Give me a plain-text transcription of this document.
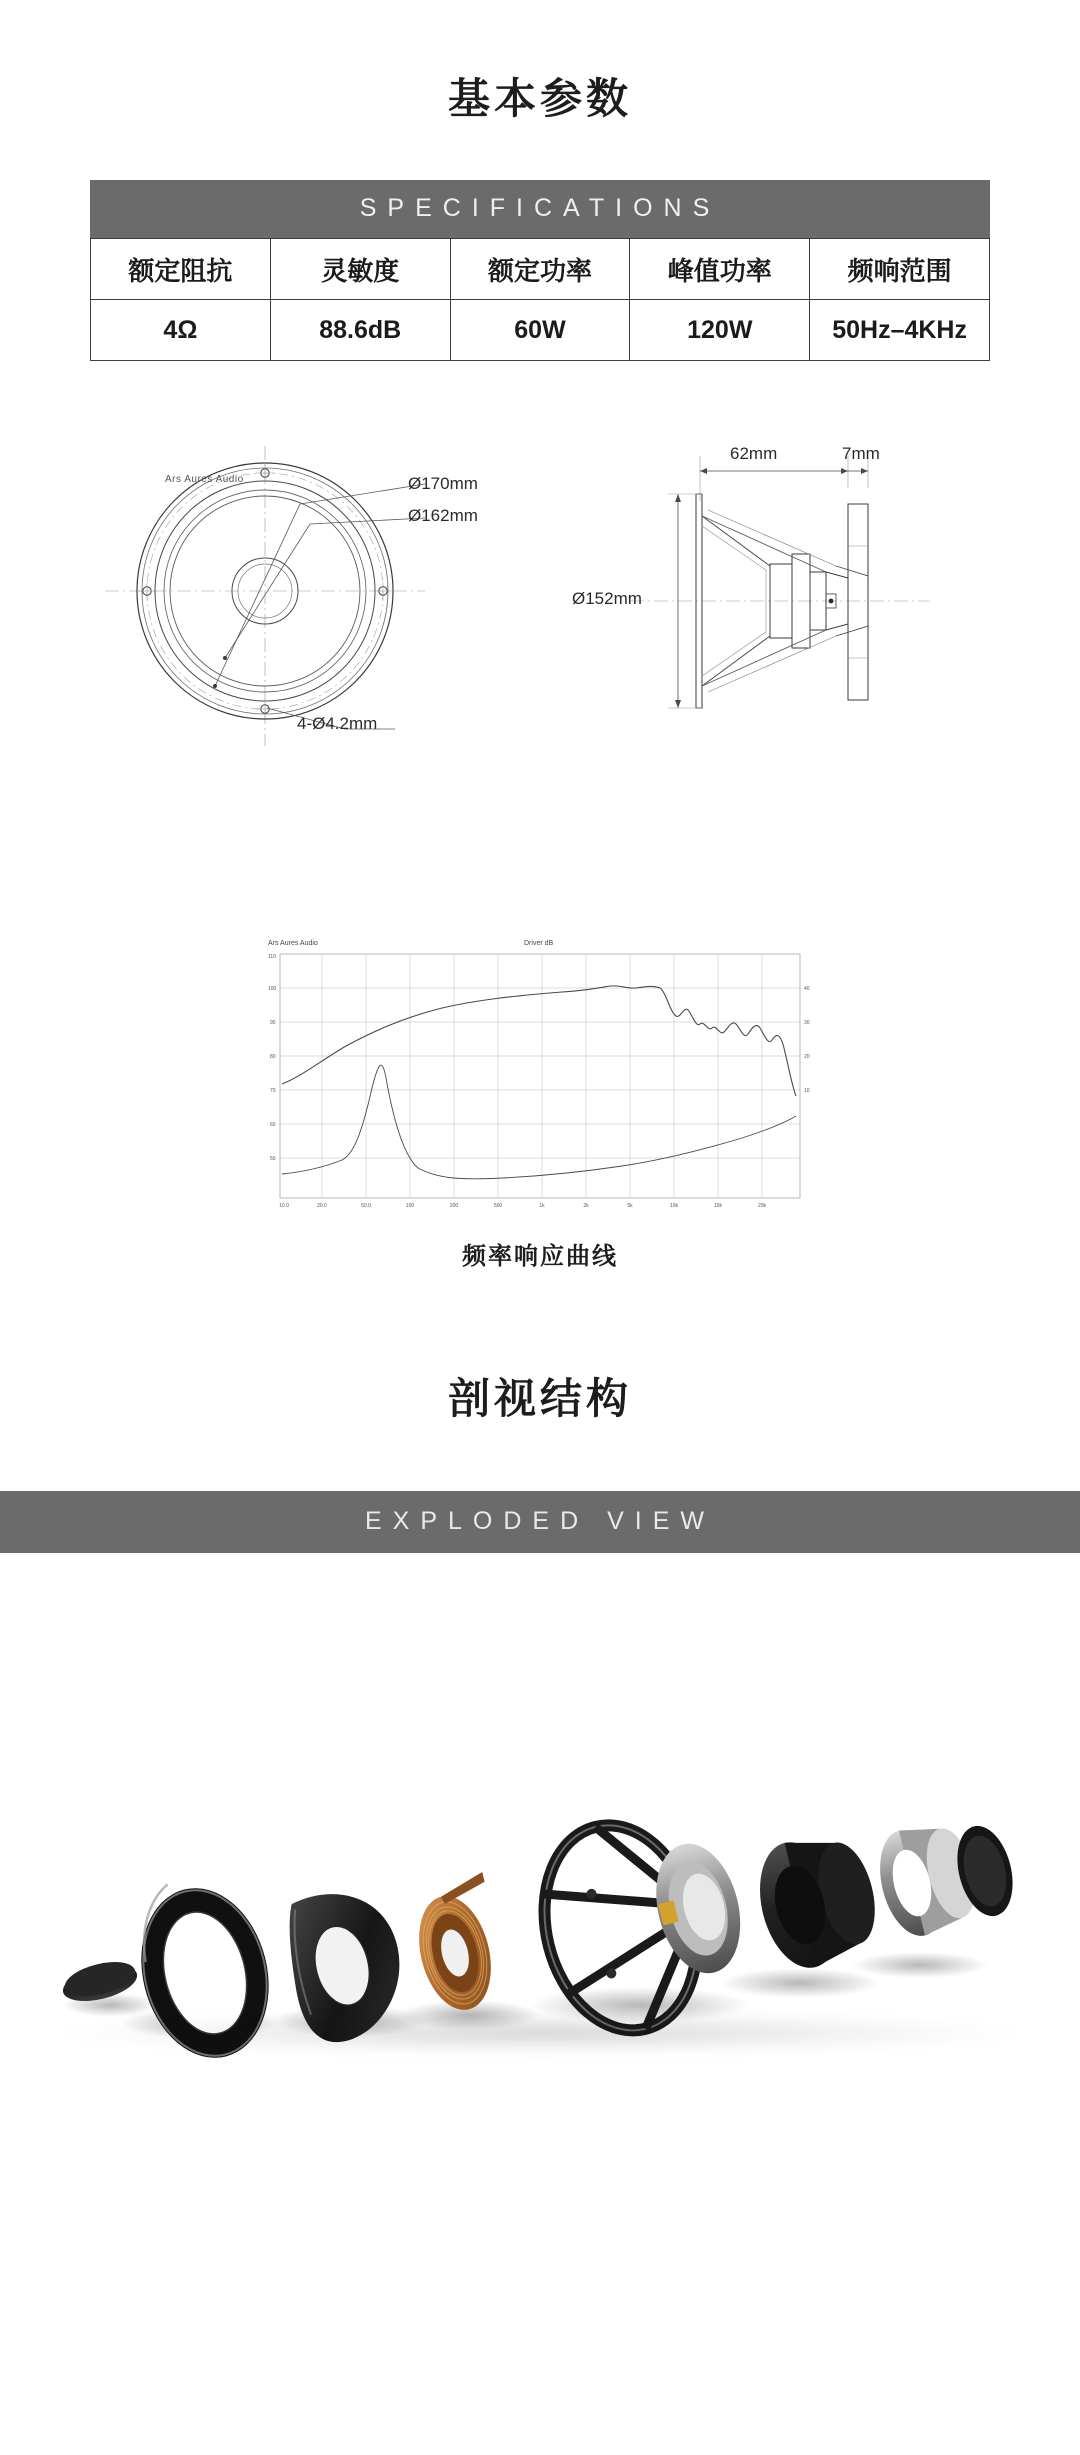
基本参数
SPECIFICATIONS
额定阻抗	灵敏度	额定功率	峰值功率	频响范围
4Ω	88.6dB	60W	120W	50Hz–4KHz
Ars Aures Audio	Ø170mm
Ø162mm
4-Ø4.2mm
62mm	7mm
Ø152mm
110
100
90
80
70
60
50
40
30
20
10
10.0	20.0	50.0	100	200	500	1k	2k	5k	10k	15k	20k
Ars Aures Audio	Driver dB
频率响应曲线
剖视结构
EXPLODED VIEW
